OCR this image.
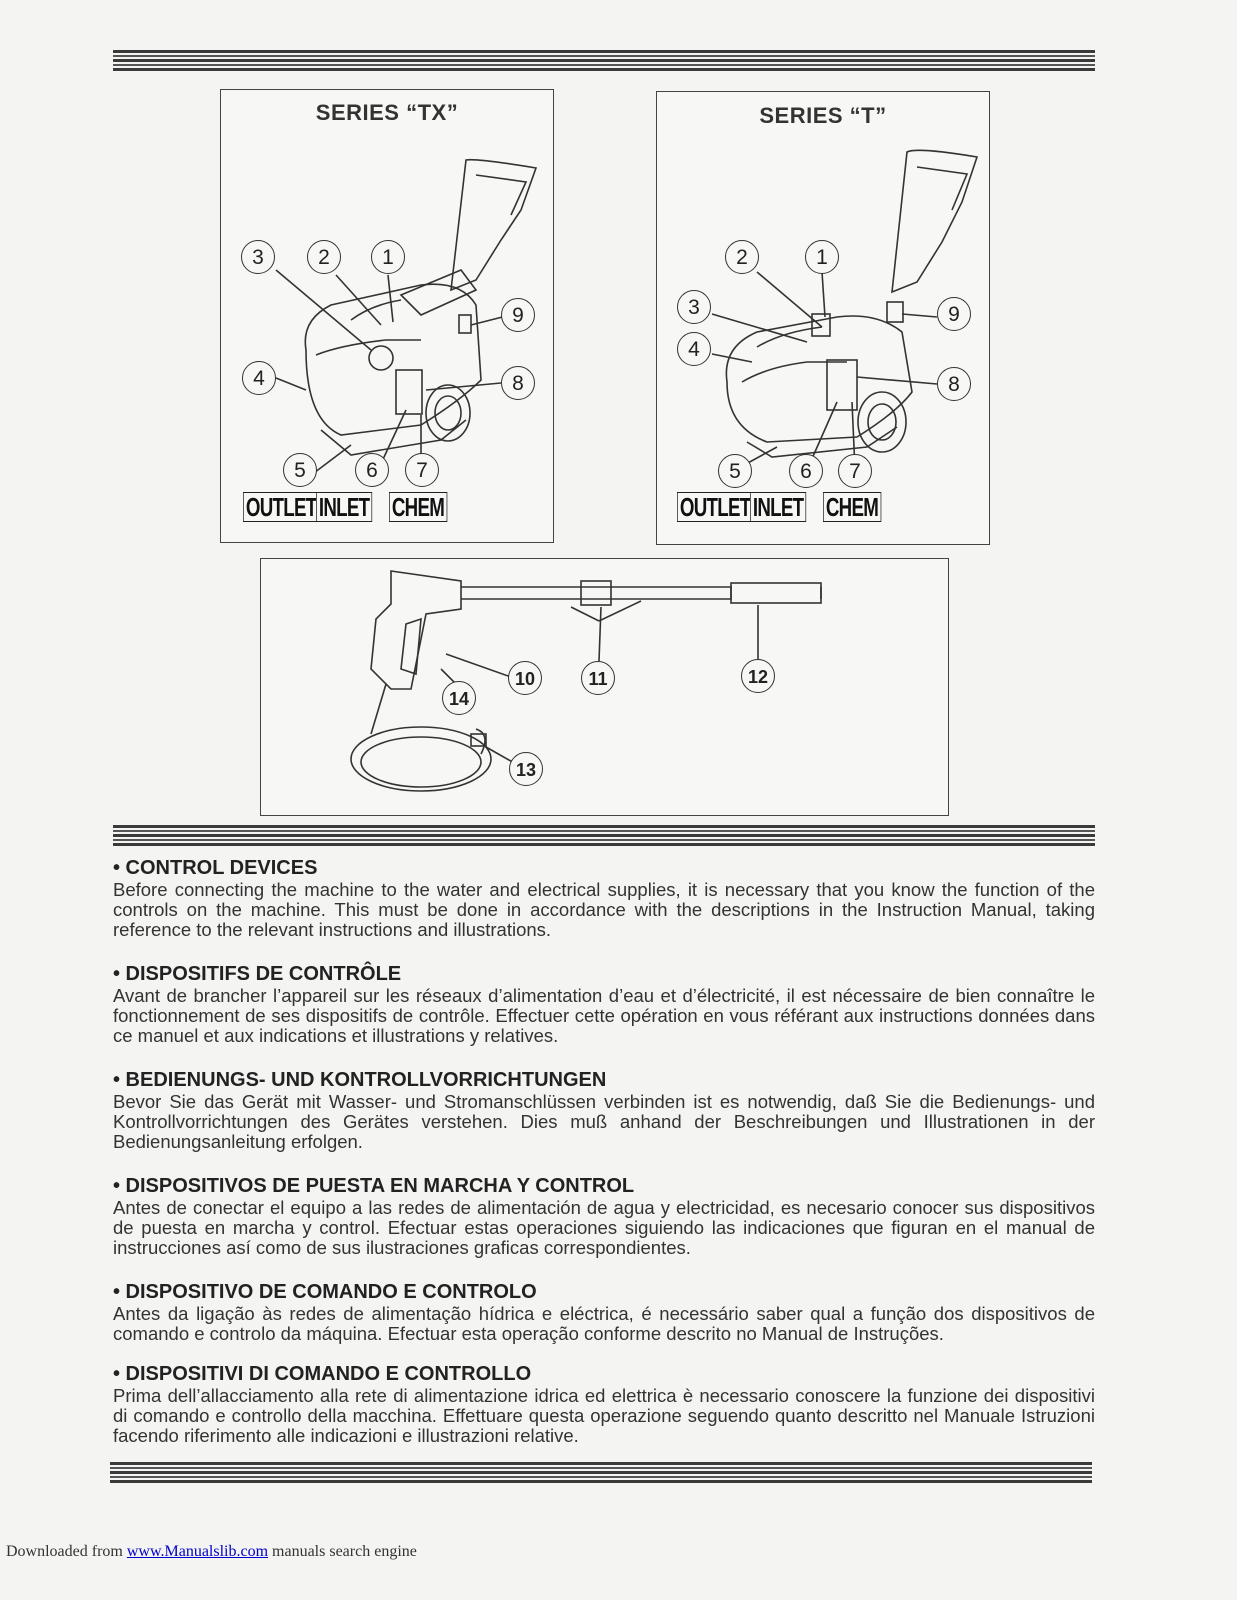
SERIES “TX”
3	2	1
9
4	8
5	6	7
OUTLET INLET CHEM
SERIES “T”
2	1
3	9
4
8
5	6	7
OUTLET INLET CHEM
10	11	12
14
13
• CONTROL DEVICES

Before connecting the machine to the water and electrical supplies, it is necessary that you know the function of the controls on the machine. This must be done in accordance with the descriptions in the Instruction Manual, taking reference to the relevant instructions and illustrations.

• DISPOSITIFS DE CONTRÔLE

Avant de brancher l’appareil sur les réseaux d’alimentation d’eau et d’électricité, il est nécessaire de bien connaître le fonctionnement de ses dispositifs de contrôle. Effectuer cette opération en vous référant aux instructions données dans ce manuel et aux indications et illustrations y relatives.

• BEDIENUNGS- UND KONTROLLVORRICHTUNGEN

Bevor Sie das Gerät mit Wasser- und Stromanschlüssen verbinden ist es notwendig, daß Sie die Bedienungs- und Kontrollvorrichtungen des Gerätes verstehen. Dies muß anhand der Beschreibungen und Illustrationen in der Bedienungsanleitung erfolgen.

• DISPOSITIVOS DE PUESTA EN MARCHA Y CONTROL

Antes de conectar el equipo a las redes de alimentación de agua y electricidad, es necesario conocer sus dispositivos de puesta en marcha y control. Efectuar estas operaciones siguiendo las indicaciones que figuran en el manual de instrucciones así como de sus ilustraciones graficas correspondientes.

• DISPOSITIVO DE COMANDO E CONTROLO

Antes da ligação às redes de alimentação hídrica e eléctrica, é necessário saber qual a função dos dispositivos de comando e controlo da máquina. Efectuar esta operação conforme descrito no Manual de Instruções.

• DISPOSITIVI DI COMANDO E CONTROLLO

Prima dell’allacciamento alla rete di alimentazione idrica ed elettrica è necessario conoscere la funzione dei dispositivi di comando e controllo della macchina. Effettuare questa operazione seguendo quanto descritto nel Manuale Istruzioni facendo riferimento alle indicazioni e illustrazioni relative.

Downloaded from www.Manualslib.com manuals search engine
